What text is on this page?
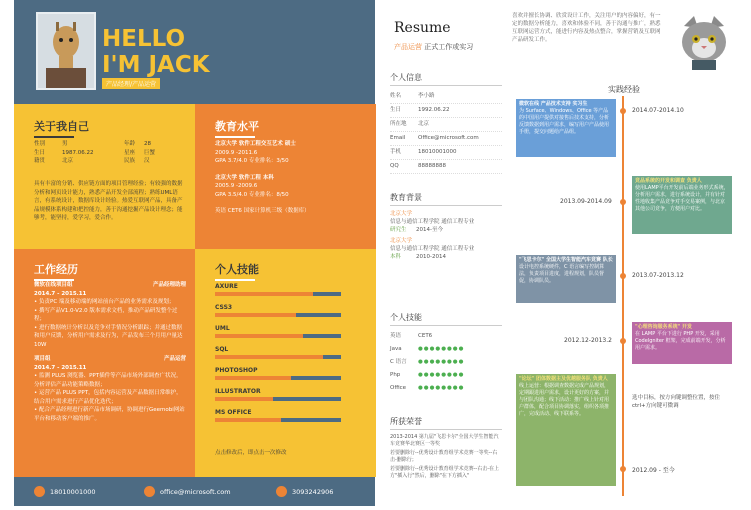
HELLO
I'M JACK
产品经理/产品运营
关于我自己
性别	男	年龄 28
生日	1987.06.22	星座 巨蟹
籍贯	北京	民族 汉
具有丰富的分销、供应链方面的项目管理经验；有较强的数据分析和网页设计能力，熟悉产品开发全部流程；熟练UML语言，有系统设计，数据库设计经验。热爱互联网产品，具备产品规模体系构建和把控能力，善于沟通挖掘产品设计理念；能够考，能坚持，爱学习，爱合作。
教育水平
北京大学 软件工程交互艺术 硕士
2009.9 -2011.6
GPA 3.7/4.0 专业排名：3/50
北京大学 软件工程 本科
2005.9 -2009.6
GPA 3.5/4.0 专业排名：8/50
英语 CET6 国家计算机三级（数据库）
工作经历
微软在线项目组	产品经理助理
2014.7 - 2015.11
• 负责PC 端及移动端的网站前台产品的业务需求及规划；
• 撰写产品V1.0-V2.0 版本需求文档，推动产品研发整个过程；
• 进行数据统计分析以及竞争对手情况分析跟踪；并通过数据和用户反馈，分析用户需求及行为，产品发布三个月用户量达10W
项目组	产品运营
2014.7 - 2015.11
• 监测 PLUS 浏览器、PPT插件等产品市场外部调查广状况，分析评估产品功能策略数据；
• 运营产品 PLUS PPT，包括内容运营及产品数据日常维护，结合用户需求进行产品优化迭代；
• 配合产品经理进行新产品市场调研，协调进行Geemobi网站平台和移动客户端的推广。
个人技能
AXURE
CSS3
UML
SQL
PHOTOSHOP
ILLUSTRATOR
MS OFFICE
点击修改后，即点击一次修改
18010001000	office@microsoft.com	3093242906
Resume
产品运营 正式工作或实习
喜欢并擅长协调、欣赏设计工作，关注用户的内容偏好，有一定的数据分析能力，喜欢和体验不同，善于沟通与推广，熟悉互联网运营方式，能进行内容及热点整合，掌握营销及互联网产品研发工作。
个人信息
姓名	李小路
生日	1992.06.22
所在地 北京
Email Office@microsoft.com
手机	18010001000
QQ	88888888
教育背景
北京大学
信息与通信工程学院 通信工程专业
研究生 2014-至今
北京大学
信息与通信工程学院 通信工程专业
本科	2010-2014
个人技能
英语	CET6
Java	●●●●●●●●
C 语言 ●●●●●●●●
Php	●●●●●●●●
Office ●●●●●●●●
所获荣誉
2013-2014 第九届"飞思卡尔"全国大学生智能汽车竞赛华北赛区一等奖
若要删除行--优秀设计教育组学术竞赛一等奖--右击-删除行；
若要删除行--优秀设计教育组学术竞赛--右击-在上方"插入行"然后，删除"在下方插入"
实践经验
微软在线 产品技术支持 实习生
为 Surface、Windows、Office 等产品的中国用户提供对接售后技术支持，分析反馈数据到用户需求，编写用户产品使用手册，提交问题给产品组。
2014.07-2014.10
2013.09-2014.09
竞品系统的开发和调查 负责人
使用LAMP平台开发前后端业务形式系统，分析用户需求，进行系统设计，并有针对性地收集产品竞争对手交易案例，与北京其他公司竞争，方便用户对比。
"飞思卡尔" 全国大学生智能汽车竞赛 队长
设计电控系统硬件，C 语言编写控制算法，负责项目进度，进程规划，队员督促，协调队员。
2013.07-2013.12
2012.12-2013.2
"心理咨询服务系统" 开发
在 LAMP 平台下进行 PHP 开发，采用 Codelgniter 框架，完成前端开发，分析用户需求。
"论坛" 团体数据主及优越服务队 负责人
线上运营：根据调查数据完成产品规划，定期跟进用户需求，设计更好的方案，并与团队沟通；线下活动：推广线上针对用户群体，配合项目协调落实，组织各项推广，完成活动、线下联系等。
选中目标，按方向键调整位置，按住 ctrl+方向键可微调
2012.09 - 至今
